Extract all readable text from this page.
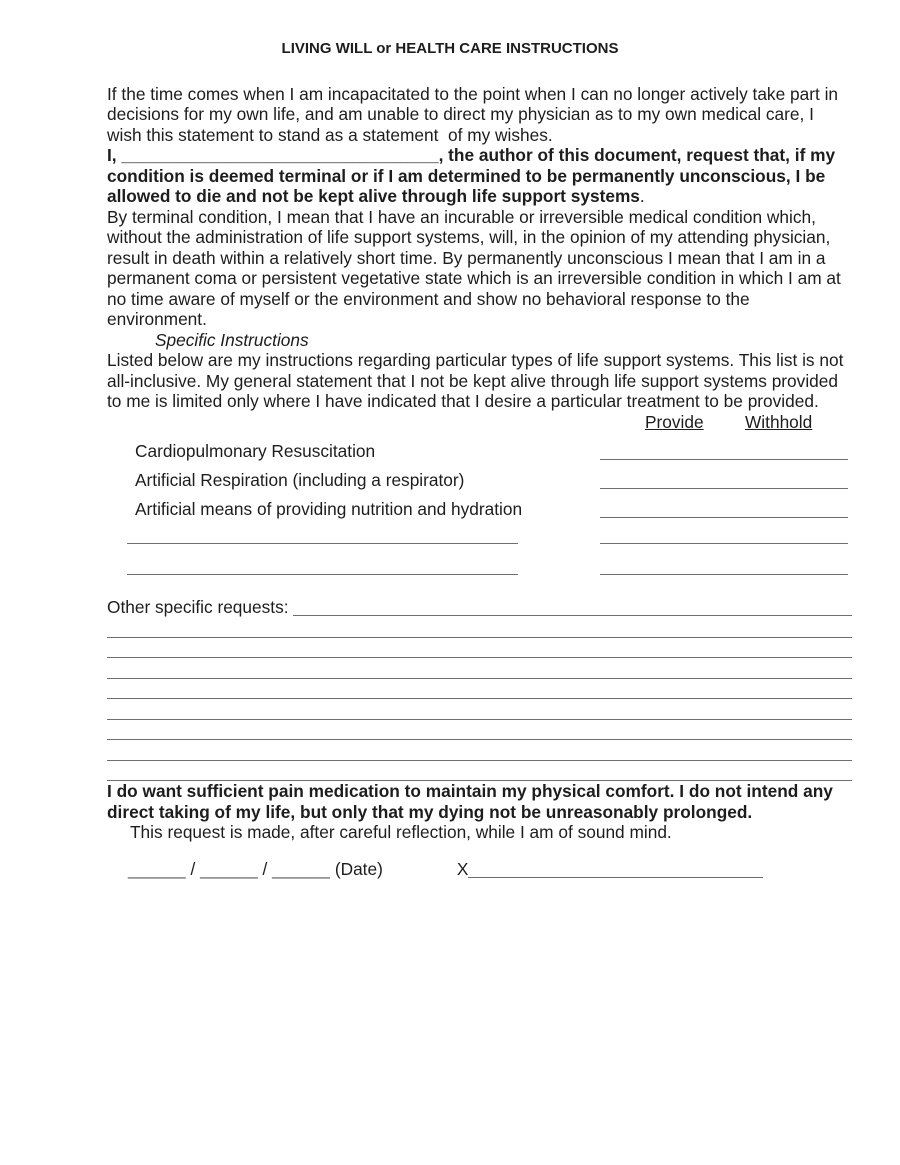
LIVING WILL or HEALTH CARE INSTRUCTIONS

If the time comes when I am incapacitated to the point when I can no longer actively take part in decisions for my own life, and am unable to direct my physician as to my own medical care, I wish this statement to stand as a statement  of my wishes.

I, _________________________________, the author of this document, request that, if my condition is deemed terminal or if I am determined to be permanently unconscious, I be allowed to die and not be kept alive through life support systems.

By terminal condition, I mean that I have an incurable or irreversible medical condition which, without the administration of life support systems, will, in the opinion of my attending physician, result in death within a relatively short time. By permanently unconscious I mean that I am in a permanent coma or persistent vegetative state which is an irreversible condition in which I am at no time aware of myself or the environment and show no behavioral response to the environment.

Specific Instructions

Listed below are my instructions regarding particular types of life support systems. This list is not all-inclusive. My general statement that I not be kept alive through life support systems provided to me is limited only where I have indicated that I desire a particular treatment to be provided.

Provide Withhold
Cardiopulmonary Resuscitation
Artificial Respiration (including a respirator)
Artificial means of providing nutrition and hydration
Other specific requests:

I do want sufficient pain medication to maintain my physical comfort. I do not intend any direct taking of my life, but only that my dying not be unreasonably prolonged.

This request is made, after careful reflection, while I am of sound mind.

______ / ______ / ______ (Date)	X
